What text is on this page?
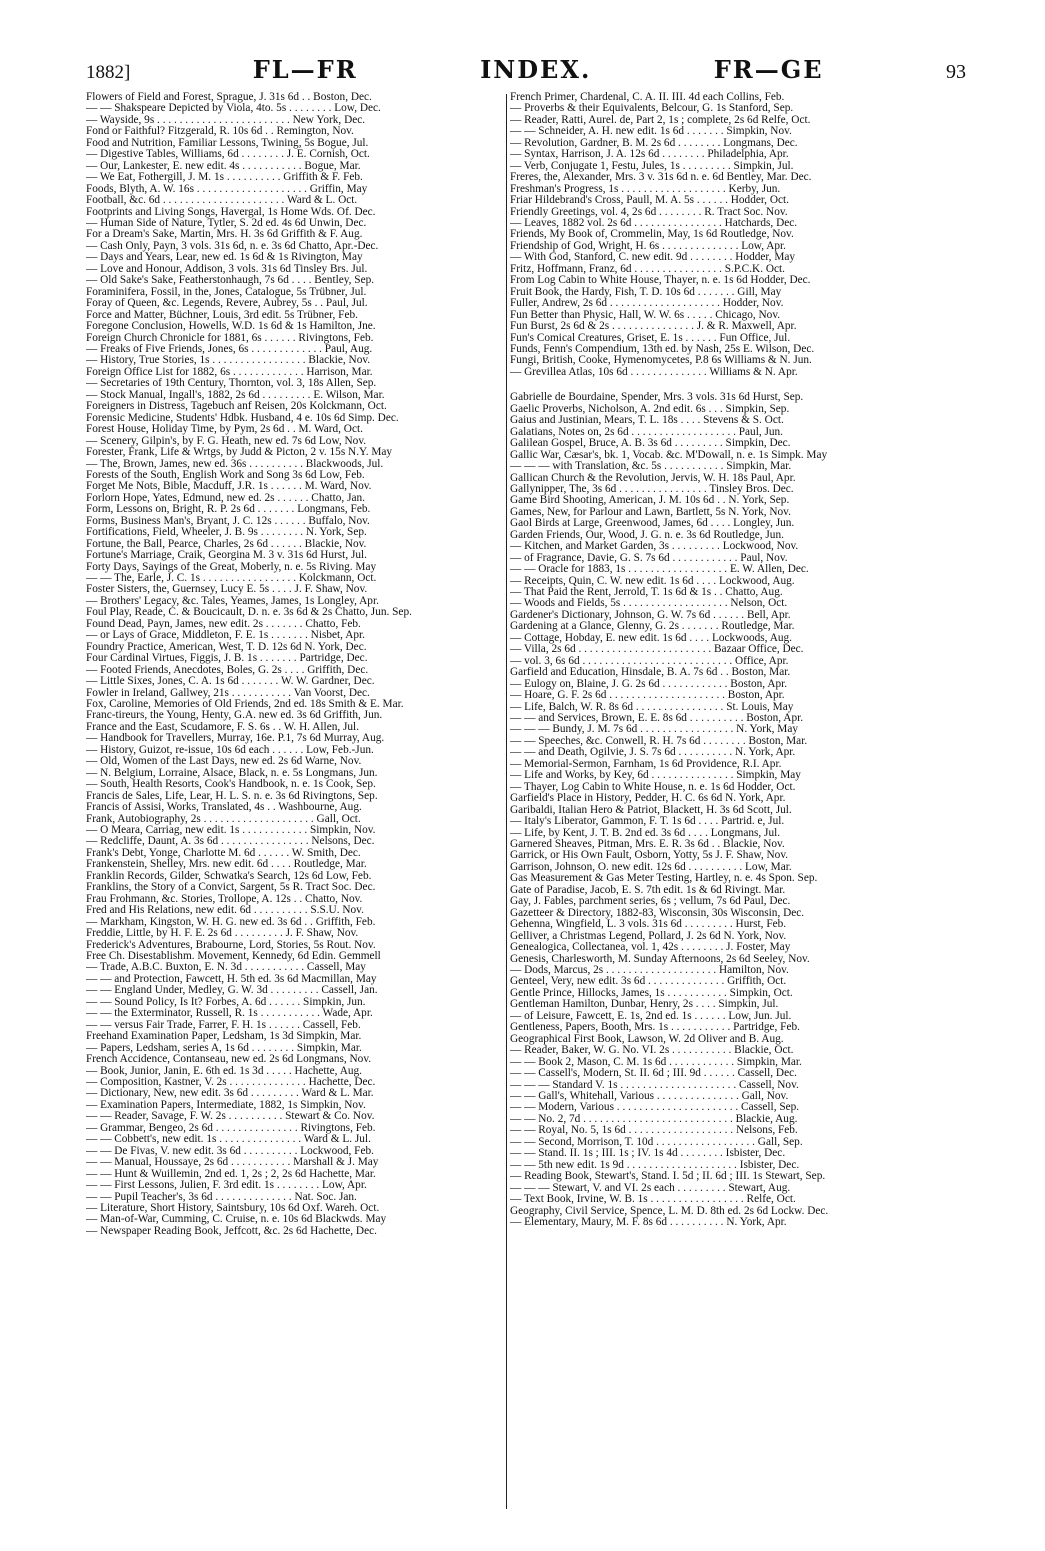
1882]	FL—FR	INDEX.	FR—GE	93
Flowers of Field and Forest, Sprague, J. 31s 6d . . Boston, Dec.
— — Shakspeare Depicted by Viola, 4to. 5s . . . . . . . . Low, Dec.
— Wayside, 9s . . . . . . . . . . . . . . . . . . . . . . . . New York, Dec.
Fond or Faithful? Fitzgerald, R. 10s 6d . . Remington, Nov.
Food and Nutrition, Familiar Lessons, Twining, 5s Bogue, Jul.
— Digestive Tables, Williams, 6d . . . . . . . . J. E. Cornish, Oct.
— Our, Lankester, E. new edit. 4s . . . . . . . . . . . Bogue, Mar.
— We Eat, Fothergill, J. M. 1s . . . . . . . . . . Griffith & F. Feb.
Foods, Blyth, A. W. 16s . . . . . . . . . . . . . . . . . . . . Griffin, May
Football, &c. 6d . . . . . . . . . . . . . . . . . . . . . . Ward & L. Oct.
Footprints and Living Songs, Havergal, 1s Home Wds. Of. Dec.
— Human Side of Nature, Tytler, S. 2d ed. 4s 6d Unwin, Dec.
For a Dream's Sake, Martin, Mrs. H. 3s 6d Griffith & F. Aug.
— Cash Only, Payn, 3 vols. 31s 6d, n. e. 3s 6d Chatto, Apr.-Dec.
— Days and Years, Lear, new ed. 1s 6d & 1s Rivington, May
— Love and Honour, Addison, 3 vols. 31s 6d Tinsley Brs. Jul.
— Old Sake's Sake, Featherstonhaugh, 7s 6d . . . . Bentley, Sep.
Foraminifera, Fossil, in the, Jones, Catalogue, 5s Trübner, Jul.
Foray of Queen, &c. Legends, Revere, Aubrey, 5s . . Paul, Jul.
Force and Matter, Büchner, Louis, 3rd edit. 5s Trübner, Feb.
Foregone Conclusion, Howells, W.D. 1s 6d & 1s Hamilton, Jne.
Foreign Church Chronicle for 1881, 6s . . . . . . Rivingtons, Feb.
— Freaks of Five Friends, Jones, 6s . . . . . . . . . . . . . Paul, Aug.
— History, True Stories, 1s . . . . . . . . . . . . . . . . . Blackie, Nov.
Foreign Office List for 1882, 6s . . . . . . . . . . . . . Harrison, Mar.
— Secretaries of 19th Century, Thornton, vol. 3, 18s Allen, Sep.
— Stock Manual, Ingall's, 1882, 2s 6d . . . . . . . . . E. Wilson, Mar.
Foreigners in Distress, Tagebuch anf Reisen, 20s Kolckmann, Oct.
Forensic Medicine, Students' Hdbk. Husband, 4 e. 10s 6d Simp. Dec.
Forest House, Holiday Time, by Pym, 2s 6d . . M. Ward, Oct.
— Scenery, Gilpin's, by F. G. Heath, new ed. 7s 6d Low, Nov.
Forester, Frank, Life & Wrtgs, by Judd & Picton, 2 v. 15s N.Y. May
— The, Brown, James, new ed. 36s . . . . . . . . . . Blackwoods, Jul.
Forests of the South, English Work and Song 3s 6d Low, Feb.
Forget Me Nots, Bible, Macduff, J.R. 1s . . . . . . M. Ward, Nov.
Forlorn Hope, Yates, Edmund, new ed. 2s . . . . . . Chatto, Jan.
Form, Lessons on, Bright, R. P. 2s 6d . . . . . . . Longmans, Feb.
Forms, Business Man's, Bryant, J. C. 12s . . . . . . Buffalo, Nov.
Fortifications, Field, Wheeler, J. B. 9s . . . . . . . . N. York, Sep.
Fortune, the Ball, Pearce, Charles, 2s 6d . . . . . . Blackie, Nov.
Fortune's Marriage, Craik, Georgina M. 3 v. 31s 6d Hurst, Jul.
Forty Days, Sayings of the Great, Moberly, n. e. 5s Riving. May
— — The, Earle, J. C. 1s . . . . . . . . . . . . . . . . . Kolckmann, Oct.
Foster Sisters, the, Guernsey, Lucy E. 5s . . . . J. F. Shaw, Nov.
— Brothers' Legacy, &c. Tales, Yeames, James, 1s Longley, Apr.
Foul Play, Reade, C. & Boucicault, D. n. e. 3s 6d & 2s Chatto, Jun. Sep.
Found Dead, Payn, James, new edit. 2s . . . . . . . Chatto, Feb.
— or Lays of Grace, Middleton, F. E. 1s . . . . . . . Nisbet, Apr.
Foundry Practice, American, West, T. D. 12s 6d N. York, Dec.
Four Cardinal Virtues, Figgis, J. B. 1s . . . . . . . Partridge, Dec.
— Footed Friends, Anecdotes, Boles, G. 2s . . . . Griffith, Dec.
— Little Sixes, Jones, C. A. 1s 6d . . . . . . . W. W. Gardner, Dec.
Fowler in Ireland, Gallwey, 21s . . . . . . . . . . . Van Voorst, Dec.
Fox, Caroline, Memories of Old Friends, 2nd ed. 18s Smith & E. Mar.
Franc-tireurs, the Young, Henty, G.A. new ed. 3s 6d Griffith, Jun.
France and the East, Scudamore, F. S. 6s . . W. H. Allen, Jul.
— Handbook for Travellers, Murray, 16e. P.1, 7s 6d Murray, Aug.
— History, Guizot, re-issue, 10s 6d each . . . . . . Low, Feb.-Jun.
— Old, Women of the Last Days, new ed. 2s 6d Warne, Nov.
— N. Belgium, Lorraine, Alsace, Black, n. e. 5s Longmans, Jun.
— South, Health Resorts, Cook's Handbook, n. e. 1s Cook, Sep.
Francis de Sales, Life, Lear, H. L. S. n. e. 3s 6d Rivingtons, Sep.
Francis of Assisi, Works, Translated, 4s . . Washbourne, Aug.
Frank, Autobiography, 2s . . . . . . . . . . . . . . . . . . . . Gall, Oct.
— O Meara, Carriag, new edit. 1s . . . . . . . . . . . . Simpkin, Nov.
— Redcliffe, Daunt, A. 3s 6d . . . . . . . . . . . . . . . . Nelsons, Dec.
Frank's Debt, Yonge, Charlotte M. 6d . . . . . . W. Smith, Dec.
Frankenstein, Shelley, Mrs. new edit. 6d . . . . Routledge, Mar.
Franklin Records, Gilder, Schwatka's Search, 12s 6d Low, Feb.
Franklins, the Story of a Convict, Sargent, 5s R. Tract Soc. Dec.
Frau Frohmann, &c. Stories, Trollope, A. 12s . . Chatto, Nov.
Fred and His Relations, new edit. 6d . . . . . . . . . . S.S.U. Nov.
— Markham, Kingston, W. H. G. new ed. 3s 6d . . Griffith, Feb.
Freddie, Little, by H. F. E. 2s 6d . . . . . . . . . J. F. Shaw, Nov.
Frederick's Adventures, Brabourne, Lord, Stories, 5s Rout. Nov.
Free Ch. Disestablishm. Movement, Kennedy, 6d Edin. Gemmell
— Trade, A.B.C. Buxton, E. N. 3d . . . . . . . . . . . Cassell, May
— — and Protection, Fawcett, H. 5th ed. 3s 6d Macmillan, May
— — England Under, Medley, G. W. 3d . . . . . . . . . Cassell, Jan.
— — Sound Policy, Is It? Forbes, A. 6d . . . . . . Simpkin, Jun.
— — the Exterminator, Russell, R. 1s . . . . . . . . . . . Wade, Apr.
— — versus Fair Trade, Farrer, F. H. 1s . . . . . . Cassell, Feb.
Freehand Examination Paper, Ledsham, 1s 3d Simpkin, Mar.
— Papers, Ledsham, series A, 1s 6d . . . . . . . . Simpkin, Mar.
French Accidence, Contanseau, new ed. 2s 6d Longmans, Nov.
— Book, Junior, Janin, E. 6th ed. 1s 3d . . . . . Hachette, Aug.
— Composition, Kastner, V. 2s . . . . . . . . . . . . . . Hachette, Dec.
— Dictionary, New, new edit. 3s 6d . . . . . . . . . Ward & L. Mar.
— Examination Papers, Intermediate, 1882, 1s Simpkin, Nov.
— — Reader, Savage, F. W. 2s . . . . . . . . . . Stewart & Co. Nov.
— Grammar, Bengeo, 2s 6d . . . . . . . . . . . . . . . Rivingtons, Feb.
— — Cobbett's, new edit. 1s . . . . . . . . . . . . . . . Ward & L. Jul.
— — De Fivas, V. new edit. 3s 6d . . . . . . . . . . Lockwood, Feb.
— — Manual, Houssaye, 2s 6d . . . . . . . . . . . Marshall & J. May
— — Hunt & Wuillemin, 2nd ed. 1, 2s ; 2, 2s 6d Hachette, Mar.
— — First Lessons, Julien, F. 3rd edit. 1s . . . . . . . . Low, Apr.
— — Pupil Teacher's, 3s 6d . . . . . . . . . . . . . . Nat. Soc. Jan.
— Literature, Short History, Saintsbury, 10s 6d Oxf. Wareh. Oct.
— Man-of-War, Cumming, C. Cruise, n. e. 10s 6d Blackwds. May
— Newspaper Reading Book, Jeffcott, &c. 2s 6d Hachette, Dec.
French Primer, Chardenal, C. A. II. III. 4d each Collins, Feb.
— Proverbs & their Equivalents, Belcour, G. 1s Stanford, Sep.
— Reader, Ratti, Aurel. de, Part 2, 1s ; complete, 2s 6d Relfe, Oct.
— — Schneider, A. H. new edit. 1s 6d . . . . . . . Simpkin, Nov.
— Revolution, Gardner, B. M. 2s 6d . . . . . . . . Longmans, Dec.
— Syntax, Harrison, J. A. 12s 6d . . . . . . . . Philadelphia, Apr.
— Verb, Conjugate 1, Festu, Jules, 1s . . . . . . . . . Simpkin, Jul.
Freres, the, Alexander, Mrs. 3 v. 31s 6d n. e. 6d Bentley, Mar. Dec.
Freshman's Progress, 1s . . . . . . . . . . . . . . . . . . . Kerby, Jun.
Friar Hildebrand's Cross, Paull, M. A. 5s . . . . . . Hodder, Oct.
Friendly Greetings, vol. 4, 2s 6d . . . . . . . . R. Tract Soc. Nov.
— Leaves, 1882 vol. 2s 6d . . . . . . . . . . . . . . . . Hatchards, Dec.
Friends, My Book of, Crommelin, May, 1s 6d Routledge, Nov.
Friendship of God, Wright, H. 6s . . . . . . . . . . . . . . Low, Apr.
— With God, Stanford, C. new edit. 9d . . . . . . . . Hodder, May
Fritz, Hoffmann, Franz, 6d . . . . . . . . . . . . . . . . S.P.C.K. Oct.
From Log Cabin to White House, Thayer, n. e. 1s 6d Hodder, Dec.
Fruit Book, the Hardy, Fish, T. D. 10s 6d . . . . . . . Gill, May
Fuller, Andrew, 2s 6d . . . . . . . . . . . . . . . . . . . . Hodder, Nov.
Fun Better than Physic, Hall, W. W. 6s . . . . . Chicago, Nov.
Fun Burst, 2s 6d & 2s . . . . . . . . . . . . . . . J. & R. Maxwell, Apr.
Fun's Comical Creatures, Griset, E. 1s . . . . . . Fun Office, Jul.
Funds, Fenn's Compendium, 13th ed. by Nash, 25s E. Wilson, Dec.
Fungi, British, Cooke, Hymenomycetes, P.8 6s Williams & N. Jun.
— Grevillea Atlas, 10s 6d . . . . . . . . . . . . . . Williams & N. Apr.
Gabrielle de Bourdaine, Spender, Mrs. 3 vols. 31s 6d Hurst, Sep.
Gaelic Proverbs, Nicholson, A. 2nd edit. 6s . . . Simpkin, Sep.
Gaius and Justinian, Mears, T. L. 18s . . . . Stevens & S. Oct.
Galatians, Notes on, 2s 6d . . . . . . . . . . . . . . . . . . . Paul, Jun.
Galilean Gospel, Bruce, A. B. 3s 6d . . . . . . . . . Simpkin, Dec.
Gallic War, Cæsar's, bk. 1, Vocab. &c. M'Dowall, n. e. 1s Simpk. May
— — — with Translation, &c. 5s . . . . . . . . . . . Simpkin, Mar.
Gallican Church & the Revolution, Jervis, W. H. 18s Paul, Apr.
Gallynipper, The, 3s 6d . . . . . . . . . . . . . . . . Tinsley Bros. Dec.
Game Bird Shooting, American, J. M. 10s 6d . . N. York, Sep.
Games, New, for Parlour and Lawn, Bartlett, 5s N. York, Nov.
Gaol Birds at Large, Greenwood, James, 6d . . . . Longley, Jun.
Garden Friends, Our, Wood, J. G. n. e. 3s 6d Routledge, Jun.
— Kitchen, and Market Garden, 3s . . . . . . . . . Lockwood, Nov.
— of Fragrance, Davie, G. S. 7s 6d . . . . . . . . . . . . Paul, Nov.
— — Oracle for 1883, 1s . . . . . . . . . . . . . . . . . . E. W. Allen, Dec.
— Receipts, Quin, C. W. new edit. 1s 6d . . . . Lockwood, Aug.
— That Paid the Rent, Jerrold, T. 1s 6d & 1s . . Chatto, Aug.
— Woods and Fields, 5s . . . . . . . . . . . . . . . . . . . Nelson, Oct.
Gardener's Dictionary, Johnson, G. W. 7s 6d . . . . . . Bell, Apr.
Gardening at a Glance, Glenny, G. 2s . . . . . . . Routledge, Mar.
— Cottage, Hobday, E. new edit. 1s 6d . . . . Lockwoods, Aug.
— Villa, 2s 6d . . . . . . . . . . . . . . . . . . . . . . . . Bazaar Office, Dec.
— vol. 3, 6s 6d . . . . . . . . . . . . . . . . . . . . . . . . . . . Office, Apr.
Garfield and Education, Hinsdale, B. A. 7s 6d . . Boston, Mar.
— Eulogy on, Blaine, J. G. 2s 6d . . . . . . . . . . . . Boston, Apr.
— Hoare, G. F. 2s 6d . . . . . . . . . . . . . . . . . . . . . Boston, Apr.
— Life, Balch, W. R. 8s 6d . . . . . . . . . . . . . . . . St. Louis, May
— — and Services, Brown, E. E. 8s 6d . . . . . . . . . . Boston, Apr.
— — — Bundy, J. M. 7s 6d . . . . . . . . . . . . . . . . . N. York, May
— — Speeches, &c. Conwell, R. H. 7s 6d . . . . . . . . Boston, Mar.
— — and Death, Ogilvie, J. S. 7s 6d . . . . . . . . . . N. York, Apr.
— Memorial-Sermon, Farnham, 1s 6d Providence, R.I. Apr.
— Life and Works, by Key, 6d . . . . . . . . . . . . . . . Simpkin, May
— Thayer, Log Cabin to White House, n. e. 1s 6d Hodder, Oct.
Garfield's Place in History, Pedder, H. C. 6s 6d N. York, Apr.
Garibaldi, Italian Hero & Patriot, Blackett, H. 3s 6d Scott, Jul.
— Italy's Liberator, Gammon, F. T. 1s 6d . . . . Partrid. e, Jul.
— Life, by Kent, J. T. B. 2nd ed. 3s 6d . . . . Longmans, Jul.
Garnered Sheaves, Pitman, Mrs. E. R. 3s 6d . . Blackie, Nov.
Garrick, or His Own Fault, Osborn, Yotty, 5s J. F. Shaw, Nov.
Garrison, Johnson, O. new edit. 12s 6d . . . . . . . . . . Low, Mar.
Gas Measurement & Gas Meter Testing, Hartley, n. e. 4s Spon. Sep.
Gate of Paradise, Jacob, E. S. 7th edit. 1s & 6d Rivingt. Mar.
Gay, J. Fables, parchment series, 6s ; vellum, 7s 6d Paul, Dec.
Gazetteer & Directory, 1882-83, Wisconsin, 30s Wisconsin, Dec.
Gehenna, Wingfield, L. 3 vols. 31s 6d . . . . . . . . . Hurst, Feb.
Gelliver, a Christmas Legend, Pollard, J. 2s 6d N. York, Nov.
Genealogica, Collectanea, vol. 1, 42s . . . . . . . . J. Foster, May
Genesis, Charlesworth, M. Sunday Afternoons, 2s 6d Seeley, Nov.
— Dods, Marcus, 2s . . . . . . . . . . . . . . . . . . . . Hamilton, Nov.
Genteel, Very, new edit. 3s 6d . . . . . . . . . . . . . . Griffith, Oct.
Gentle Prince, Hillocks, James, 1s . . . . . . . . . . . Simpkin, Oct.
Gentleman Hamilton, Dunbar, Henry, 2s . . . . Simpkin, Jul.
— of Leisure, Fawcett, E. 1s, 2nd ed. 1s . . . . . . Low, Jun. Jul.
Gentleness, Papers, Booth, Mrs. 1s . . . . . . . . . . . Partridge, Feb.
Geographical First Book, Lawson, W. 2d Oliver and B. Aug.
— Reader, Baker, W. G. No. VI. 2s . . . . . . . . . . . Blackie, Oct.
— — Book 2, Mason, C. M. 1s 6d . . . . . . . . . . . . Simpkin, Mar.
— — Cassell's, Modern, St. II. 6d ; III. 9d . . . . . . Cassell, Dec.
— — — Standard V. 1s . . . . . . . . . . . . . . . . . . . . . Cassell, Nov.
— — Gall's, Whitehall, Various . . . . . . . . . . . . . . . Gall, Nov.
— — Modern, Various . . . . . . . . . . . . . . . . . . . . . . Cassell, Sep.
— — No. 2, 7d . . . . . . . . . . . . . . . . . . . . . . . . . . . Blackie, Aug.
— — Royal, No. 5, 1s 6d . . . . . . . . . . . . . . . . . . . Nelsons, Feb.
— — Second, Morrison, T. 10d . . . . . . . . . . . . . . . . . . Gall, Sep.
— — Stand. II. 1s ; III. 1s ; IV. 1s 4d . . . . . . . . Isbister, Dec.
— — 5th new edit. 1s 9d . . . . . . . . . . . . . . . . . . . . Isbister, Dec.
— Reading Book, Stewart's, Stand. I. 5d ; II. 6d ; III. 1s Stewart, Sep.
— — — Stewart, V. and VI. 2s each . . . . . . . . . Stewart, Aug.
— Text Book, Irvine, W. B. 1s . . . . . . . . . . . . . . . . . Relfe, Oct.
Geography, Civil Service, Spence, L. M. D. 8th ed. 2s 6d Lockw. Dec.
— Elementary, Maury, M. F. 8s 6d . . . . . . . . . . N. York, Apr.
